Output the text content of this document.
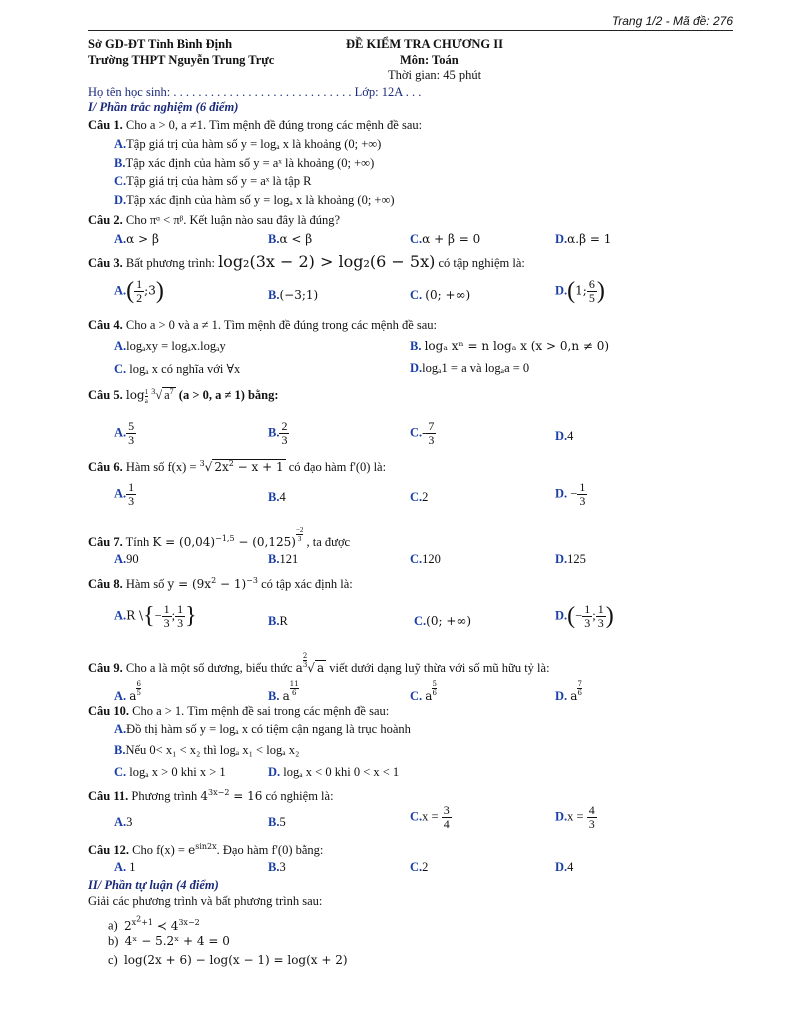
Trang 1/2 - Mã đề: 276
Sở GD-ĐT Tỉnh Bình Định
Trường THPT Nguyễn Trung Trực
ĐỀ KIỂM TRA CHƯƠNG II
Môn: Toán
Thời gian: 45 phút
Họ tên học sinh: . . . . . . . . . . . . . . . . . . . . . . . . . . . . . Lớp: 12A . . .
I/ Phần trắc nghiệm (6 điểm)
Câu 1. Cho a > 0, a ≠1. Tìm mệnh đề đúng trong các mệnh đề sau:
A.Tập giá trị của hàm số y = logₐ x là khoảng (0; +∞)
B.Tập xác định của hàm số y = aˣ là khoảng (0; +∞)
C.Tập giá trị của hàm số y = aˣ là tập R
D.Tập xác định của hàm số y = logₐ x là khoảng (0; +∞)
Câu 2. Cho πᵅ < πᵝ. Kết luận nào sau đây là đúng?
A.α > β	B.α < β	C.α + β = 0	D.α.β = 1
Câu 3. Bất phương trình: log₂(3x − 2) > log₂(6 − 5x) có tập nghiệm là:
$A.( \frac{1}{2}$ ;3)	B.(−3;1)	C. (0; +∞)	D.(1; $\frac{6}{5}$ )
Câu 4. Cho a > 0 và a ≠ 1. Tìm mệnh đề đúng trong các mệnh đề sau:
A.logₐxy = logₐx.logₐy	B. logₐ xⁿ = n logₐ x (x > 0,n ≠ 0)
C. logₐ x có nghĩa với ∀x	D.logₐ1 = a và logₐa = 0
Câu 5. $\log \frac{1}{a} ^3√$ $a^7$ (a > 0, a ≠ 1) bằng:
A. $\frac{5}{3}$	B. $\frac{2}{3}$	$C.- \frac{7}{3}$	D.4
Câu 6. Hàm số f(x) = $^3$√ $2x^2 - x + 1$ có đạo hàm f'(0) là:
A. $\frac{1}{3}$	B.4	C.2	D. − $\frac{1}{3}$
Câu 7. Tính $K = (0,04)^{-1,5} - (0,125) \frac{-2}{3}$ , ta được
A.90	B.121	C.120	D.125
Câu 8. Hàm số $y = (9x^2 - 1)^{-3}$ có tập xác định là:
A.R \{− $\frac{1}{3}$ ; $\frac{1}{3}$ }	B.R	C.(0; +∞)	$D.(- \frac{1}{3}$ ; $\frac{1}{3}$ )
Câu 9. Cho a là một số dương, biểu thức a $\frac{2}{3}$ √ a viết dưới dạng luỹ thừa với số mũ hữu tỷ là:
A. a $\frac{6}{5}$	B. a $\frac{11}{6}$	C. a $\frac{5}{6}$	D. a $\frac{7}{6}$
Câu 10. Cho a > 1. Tìm mệnh đề sai trong các mệnh đề sau:
A.Đồ thị hàm số y = logₐ x có tiệm cận ngang là trục hoành
B.Nếu 0< x₁ < x₂ thì logₐ x₁ < logₐ x₂
C. logₐ x > 0 khi x > 1	D. logₐ x < 0 khi 0 < x < 1
Câu 11. Phương trình $4^{3x-2} = 16$ có nghiệm là:
A.3	B.5	$C.x = \frac{3}{4}$	$D.x = \frac{4}{3}$
Câu 12. Cho $f(x) = e^{sin2x}$. Đạo hàm f'(0) bằng:
A. 1	B.3	C.2	D.4
II/ Phần tự luận (4 điểm)
Giải các phương trình và bất phương trình sau:
a) $2^{x^2+1}$ ≺ $4^{3x-2}$
b) 4ˣ − 5.2ˣ + 4 = 0
c) log(2x + 6) − log(x − 1) = log(x + 2)
